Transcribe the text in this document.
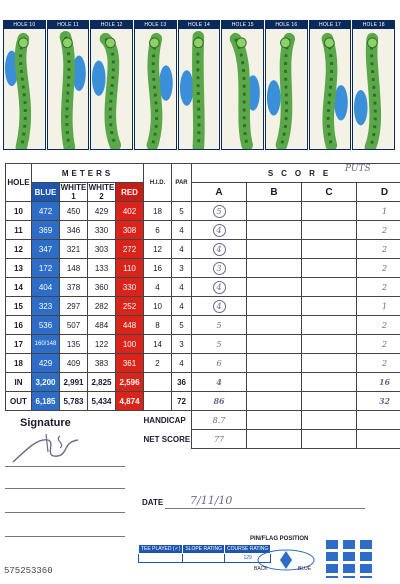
HOLE 10	HOLE 11	HOLE 12	HOLE 13	HOLE 14	HOLE 15	HOLE 16	HOLE 17	HOLE 18
HOLE	METERS				H.I.D.	PAR	SCORE			
	BLUE	WHITE 1	WHITE 2	RED			A	B	C	D
10	472	450	429	402	18	5	5			1
11	369	346	330	308	6	4	4			2
12	347	321	303	272	12	4	4			2
13	172	148	133	110	16	3	3			2
14	404	378	360	330	4	4	4			2
15	323	297	282	252	10	4	4			1
16	536	507	484	448	8	5	5			2
17	160/148	135	122	100	14	3	5			2
18	429	409	383	361	2	4	6			2
IN	3,200	2,991	2,825	2,596		36	4			16
OUT	6,185	5,783	5,434	4,874		72	86			32
					HANDICAP		8.7			
					NET SCORE		77			
PUTS
Signature
DATE 7/11/10
575253360
TEE PLAYED (✓)	SLOPE RATING	COURSE RATING
		129
PIN/FLAG POSITION
BACK	BLUE
